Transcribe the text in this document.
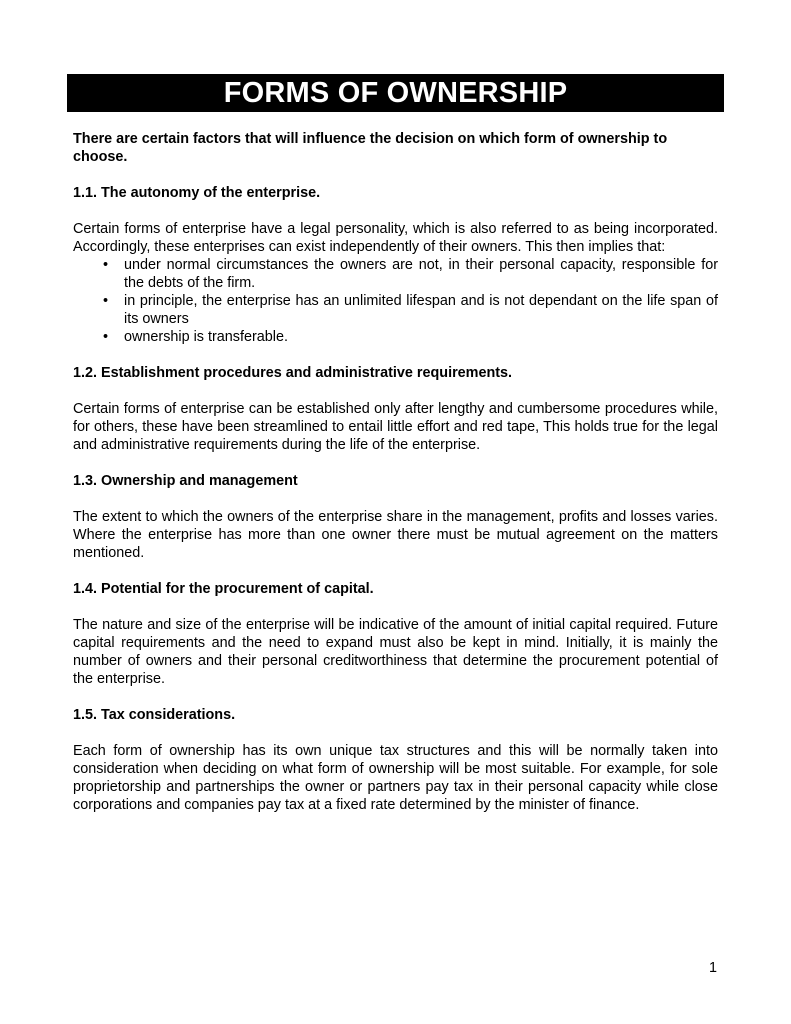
FORMS OF OWNERSHIP

There are certain factors that will influence the decision on which form of ownership to choose.

1.1. The autonomy of the enterprise.

Certain forms of enterprise have a legal personality, which is also referred to as being incorporated. Accordingly, these enterprises can exist independently of their owners. This then implies that:

• under normal circumstances the owners are not, in their personal capacity, responsible for the debts of the firm.
• in principle, the enterprise has an unlimited lifespan and is not dependant on the life span of its owners
• ownership is transferable.

1.2. Establishment procedures and administrative requirements.

Certain forms of enterprise can be established only after lengthy and cumbersome procedures while, for others, these have been streamlined to entail little effort and red tape, This holds true for the legal and administrative requirements during the life of the enterprise.

1.3. Ownership and management

The extent to which the owners of the enterprise share in the management, profits and losses varies. Where the enterprise has more than one owner there must be mutual agreement on the matters mentioned.

1.4. Potential for the procurement of capital.

The nature and size of the enterprise will be indicative of the amount of initial capital required. Future capital requirements and the need to expand must also be kept in mind. Initially, it is mainly the number of owners and their personal creditworthiness that determine the procurement potential of the enterprise.

1.5. Tax considerations.

Each form of ownership has its own unique tax structures and this will be normally taken into consideration when deciding on what form of ownership will be most suitable. For example, for sole proprietorship and partnerships the owner or partners pay tax in their personal capacity while close corporations and companies pay tax at a fixed rate determined by the minister of finance.

1
